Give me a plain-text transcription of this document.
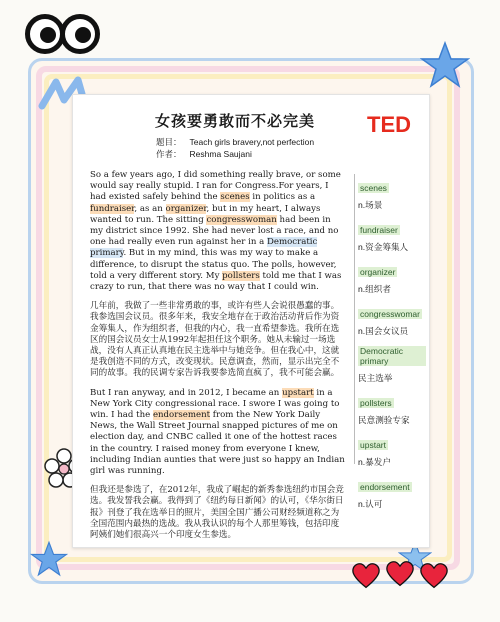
女孩要勇敢而不必完美 TED
题目： Teach girls bravery,not perfection
作者： Reshma Saujani

So a few years ago, I did something really brave, or some would say really stupid. I ran for Congress.For years, I had existed safely behind the scenes in politics as a fundraiser, as an organizer, but in my heart, I always wanted to run. The sitting congresswoman had been in my district since 1992. She had never lost a race, and no one had really even run against her in a Democratic primary. But in my mind, this was my way to make a difference, to disrupt the status quo. The polls, however, told a very different story. My pollsters told me that I was crazy to run, that there was no way that I could win.

几年前，我做了一些非常勇敢的事，或许有些人会说很愚蠢的事。我参选国会议员。很多年来，我安全地存在于政治活动背后作为资金筹集人，作为组织者，但我的内心，我一直希望参选。我所在选区的国会议员女士从1992年起担任这个职务。她从未输过一场选战，没有人真正认真地在民主选举中与她竞争。但在我心中，这就是我创造不同的方式，改变现状。民意调查，然而，显示出完全不同的故事。我的民调专家告诉我要参选简直疯了，我不可能会赢。

But I ran anyway, and in 2012, I became an upstart in a New York City congressional race. I swore I was going to win. I had the endorsement from the New York Daily News, the Wall Street Journal snapped pictures of me on election day, and CNBC called it one of the hottest races in the country. I raised money from everyone I knew, including Indian aunties that were just so happy an Indian girl was running.

但我还是参选了，在2012年，我成了崛起的新秀参选纽约市国会竞选。我发誓我会赢。我得到了《纽约每日新闻》的认可，《华尔街日报》刊登了我在选举日的照片，美国全国广播公司财经频道称之为全国范围内最热的选战。我从我认识的每个人那里筹钱，包括印度阿姨们她们很高兴一个印度女生参选。

scenes
n.场景
fundraiser
n.资金筹集人
organizer
n.组织者
congresswomar
n.国会女议员
Democratic primary
民主选举
pollsters
民意测验专家
upstart
n.暴发户
endorsement
n.认可
